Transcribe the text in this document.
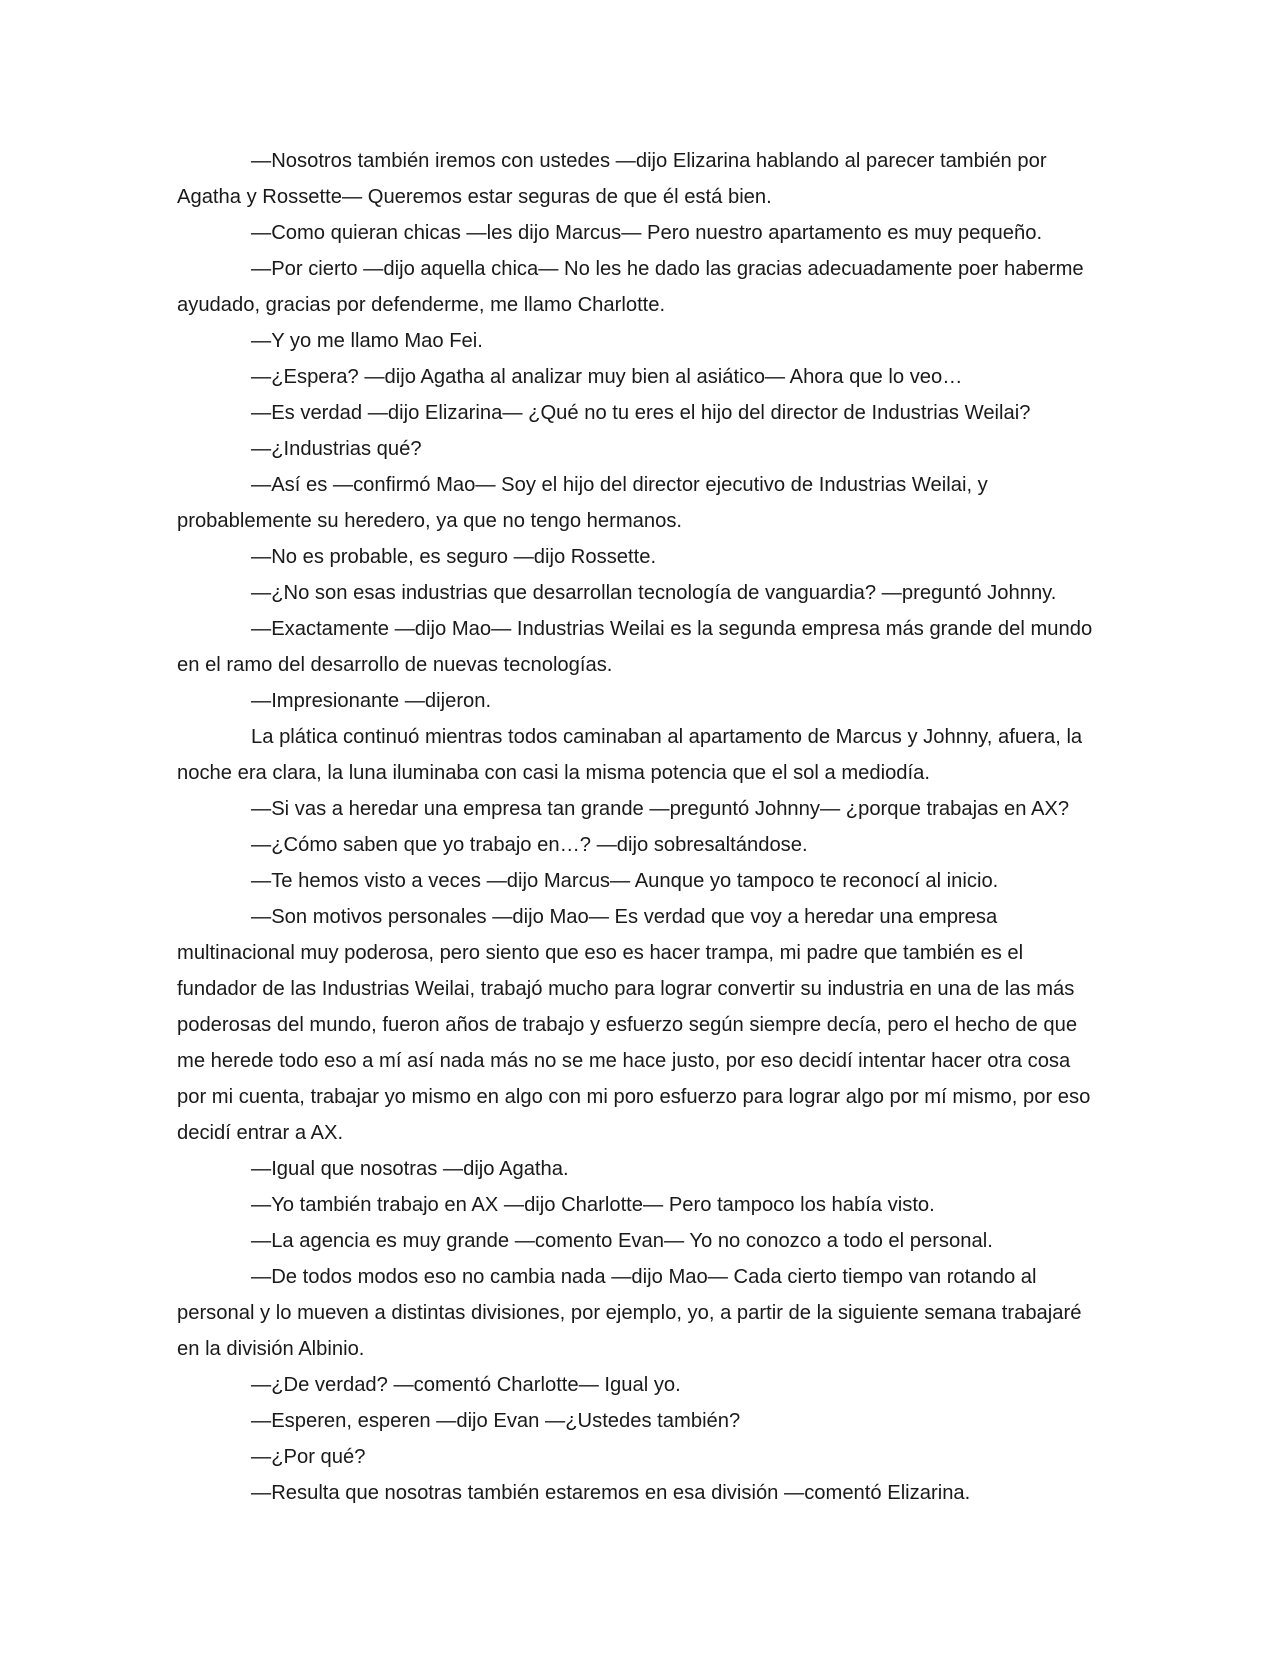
—Nosotros también iremos con ustedes —dijo Elizarina hablando al parecer también por Agatha y Rossette— Queremos estar seguras de que él está bien.

—Como quieran chicas —les dijo Marcus— Pero nuestro apartamento es muy pequeño.

—Por cierto —dijo aquella chica— No les he dado las gracias adecuadamente poer haberme ayudado, gracias por defenderme, me llamo Charlotte.

—Y yo me llamo Mao Fei.

—¿Espera? —dijo Agatha al analizar muy bien al asiático— Ahora que lo veo…

—Es verdad —dijo Elizarina— ¿Qué no tu eres el hijo del director de Industrias Weilai?

—¿Industrias qué?

—Así es —confirmó Mao— Soy el hijo del director ejecutivo de Industrias Weilai, y probablemente su heredero, ya que no tengo hermanos.

—No es probable, es seguro —dijo Rossette.

—¿No son esas industrias que desarrollan tecnología de vanguardia? —preguntó Johnny.

—Exactamente —dijo Mao— Industrias Weilai es la segunda empresa más grande del mundo en el ramo del desarrollo de nuevas tecnologías.

—Impresionante —dijeron.

La plática continuó mientras todos caminaban al apartamento de Marcus y Johnny, afuera, la noche era clara, la luna iluminaba con casi la misma potencia que el sol a mediodía.

—Si vas a heredar una empresa tan grande —preguntó Johnny— ¿porque trabajas en AX?

—¿Cómo saben que yo trabajo en…? —dijo sobresaltándose.

—Te hemos visto a veces —dijo Marcus— Aunque yo tampoco te reconocí al inicio.

—Son motivos personales —dijo Mao— Es verdad que voy a heredar una empresa multinacional muy poderosa, pero siento que eso es hacer trampa, mi padre que también es el fundador de las Industrias Weilai, trabajó mucho para lograr convertir su industria en una de las más poderosas del mundo, fueron años de trabajo y esfuerzo según siempre decía, pero el hecho de que me herede todo eso a mí así nada más no se me hace justo, por eso decidí intentar hacer otra cosa por mi cuenta, trabajar yo mismo en algo con mi poro esfuerzo para lograr algo por mí mismo, por eso decidí entrar a AX.

—Igual que nosotras —dijo Agatha.

—Yo también trabajo en AX —dijo Charlotte— Pero tampoco los había visto.

—La agencia es muy grande —comento Evan— Yo no conozco a todo el personal.

—De todos modos eso no cambia nada —dijo Mao— Cada cierto tiempo van rotando al personal y lo mueven a distintas divisiones, por ejemplo, yo, a partir de la siguiente semana trabajaré en la división Albinio.

—¿De verdad? —comentó Charlotte— Igual yo.

—Esperen, esperen —dijo Evan —¿Ustedes también?

—¿Por qué?

—Resulta que nosotras también estaremos en esa división —comentó Elizarina.
